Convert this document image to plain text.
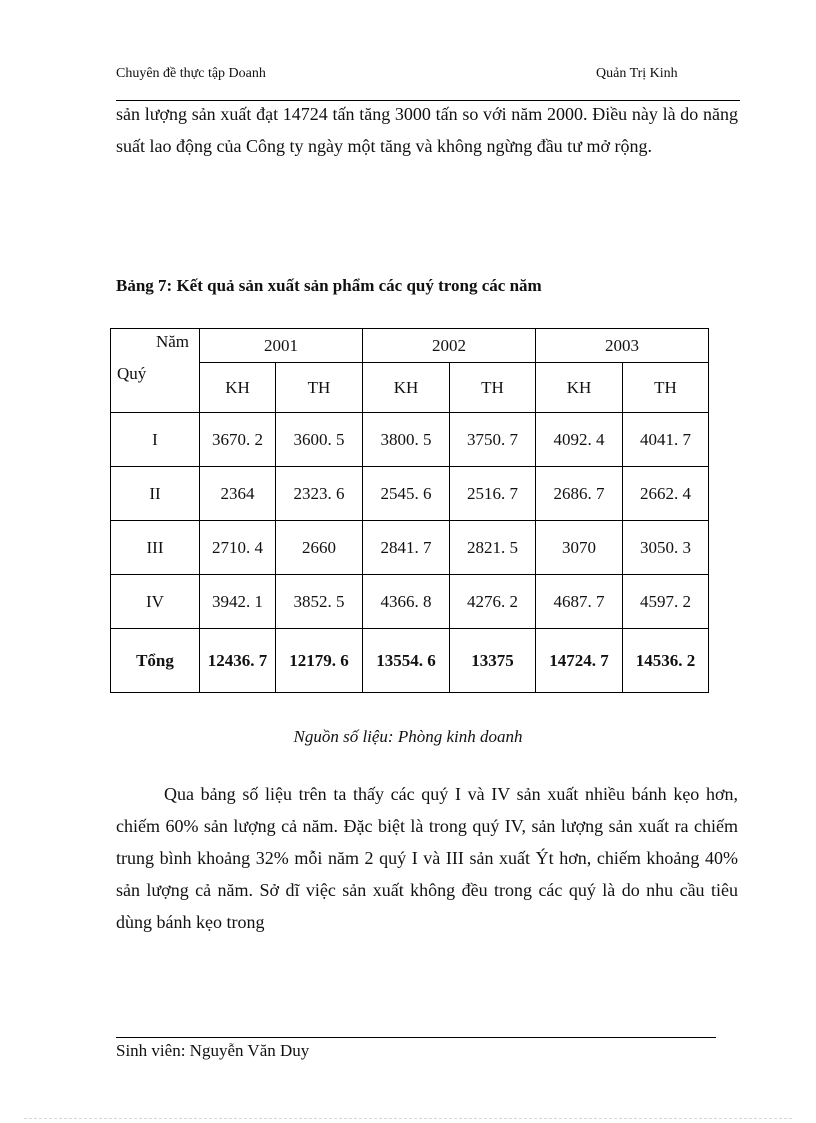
Chuyên đề thực tập Doanh	Quản Trị Kinh

sản lượng sản xuất đạt 14724 tấn tăng 3000 tấn so với năm 2000. Điều này là do năng suất lao động của Công ty ngày một tăng và không ngừng đầu tư mở rộng.

Bảng 7: Kết quả sản xuất sản phẩm các quý trong các năm
Năm
Quý	2001		2002		2003	
	KH	TH	KH	TH	KH	TH
I	3670. 2	3600. 5	3800. 5	3750. 7	4092. 4	4041. 7
II	2364	2323. 6	2545. 6	2516. 7	2686. 7	2662. 4
III	2710. 4	2660	2841. 7	2821. 5	3070	3050. 3
IV	3942. 1	3852. 5	4366. 8	4276. 2	4687. 7	4597. 2
Tổng	12436. 7	12179. 6	13554. 6	13375	14724. 7	14536. 2
Nguồn số liệu: Phòng kinh doanh

Qua bảng số liệu trên ta thấy các quý I và IV sản xuất nhiều bánh kẹo hơn, chiếm 60% sản lượng cả năm. Đặc biệt là trong quý IV, sản lượng sản xuất ra chiếm trung bình khoảng 32% mỗi năm 2 quý I và III sản xuất Ýt hơn, chiếm khoảng 40% sản lượng cả năm. Sở dĩ việc sản xuất không đều trong các quý là do nhu cầu tiêu dùng bánh kẹo trong

Sinh viên: Nguyễn Văn Duy
